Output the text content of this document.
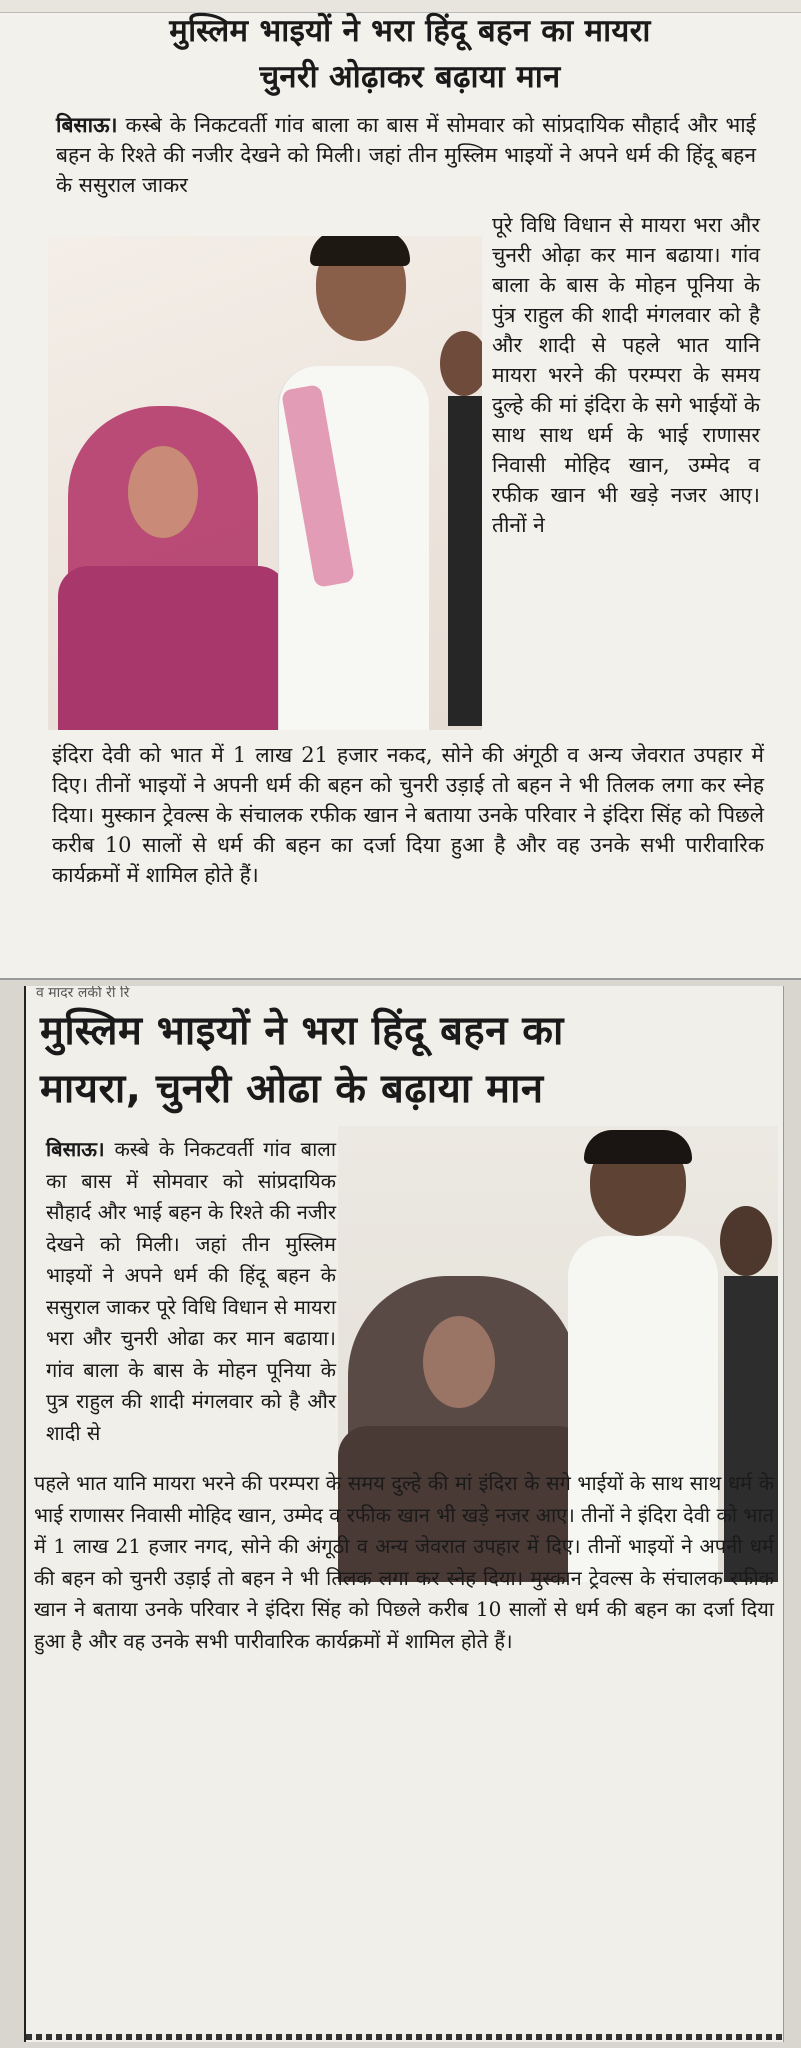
मुस्लिम भाइयों ने भरा हिंदू बहन का मायरा
चुनरी ओढ़ाकर बढ़ाया मान
बिसाऊ। कस्बे के निकटवर्ती गांव बाला का बास में सोमवार को सांप्रदायिक सौहार्द और भाई बहन के रिश्ते की नजीर देखने को मिली। जहां तीन मुस्लिम भाइयों ने अपने धर्म की हिंदू बहन के ससुराल जाकर
पूरे विधि विधान से मायरा भरा और चुनरी ओढ़ा कर मान बढाया। गांव बाला के बास के मोहन पूनिया के पुंत्र राहुल की शादी मंगलवार को है और शादी से पहले भात यानि मायरा भरने की परम्परा के समय दुल्हे की मां इंदिरा के सगे भाईयों के साथ साथ धर्म के भाई राणासर निवासी मोहिद खान, उम्मेद व रफीक खान भी खड़े नजर आए। तीनों ने
इंदिरा देवी को भात में 1 लाख 21 हजार नकद, सोने की अंगूठी व अन्य जेवरात उपहार में दिए। तीनों भाइयों ने अपनी धर्म की बहन को चुनरी उड़ाई तो बहन ने भी तिलक लगा कर स्नेह दिया। मुस्कान ट्रेवल्स के संचालक रफीक खान ने बताया उनके परिवार ने इंदिरा सिंह को पिछले करीब 10 सालों से धर्म की बहन का दर्जा दिया हुआ है और वह उनके सभी पारीवारिक कार्यक्रमों में शामिल होते हैं।
व मादर लकी री रि
मुस्लिम भाइयों ने भरा हिंदू बहन का
मायरा, चुनरी ओढा के बढ़ाया मान
बिसाऊ। कस्बे के निकटवर्ती गांव बाला का बास में सोमवार को सांप्रदायिक सौहार्द और भाई बहन के रिश्ते की नजीर देखने को मिली। जहां तीन मुस्लिम भाइयों ने अपने धर्म की हिंदू बहन के ससुराल जाकर पूरे विधि विधान से मायरा भरा और चुनरी ओढा कर मान बढाया। गांव बाला के बास के मोहन पूनिया के पुत्र राहुल की शादी मंगलवार को है और शादी से
पहले भात यानि मायरा भरने की परम्परा के समय दुल्हे की मां इंदिरा के सगे भाईयों के साथ साथ धर्म के भाई राणासर निवासी मोहिद खान, उम्मेद व रफीक खान भी खड़े नजर आए। तीनों ने इंदिरा देवी को भात में 1 लाख 21 हजार नगद, सोने की अंगूठी व अन्य जेवरात उपहार में दिए। तीनों भाइयों ने अपनी धर्म की बहन को चुनरी उड़ाई तो बहन ने भी तिलक लगा कर स्नेह दिया। मुस्कान ट्रेवल्स के संचालक रफीक खान ने बताया उनके परिवार ने इंदिरा सिंह को पिछले करीब 10 सालों से धर्म की बहन का दर्जा दिया हुआ है और वह उनके सभी पारीवारिक कार्यक्रमों में शामिल होते हैं।
